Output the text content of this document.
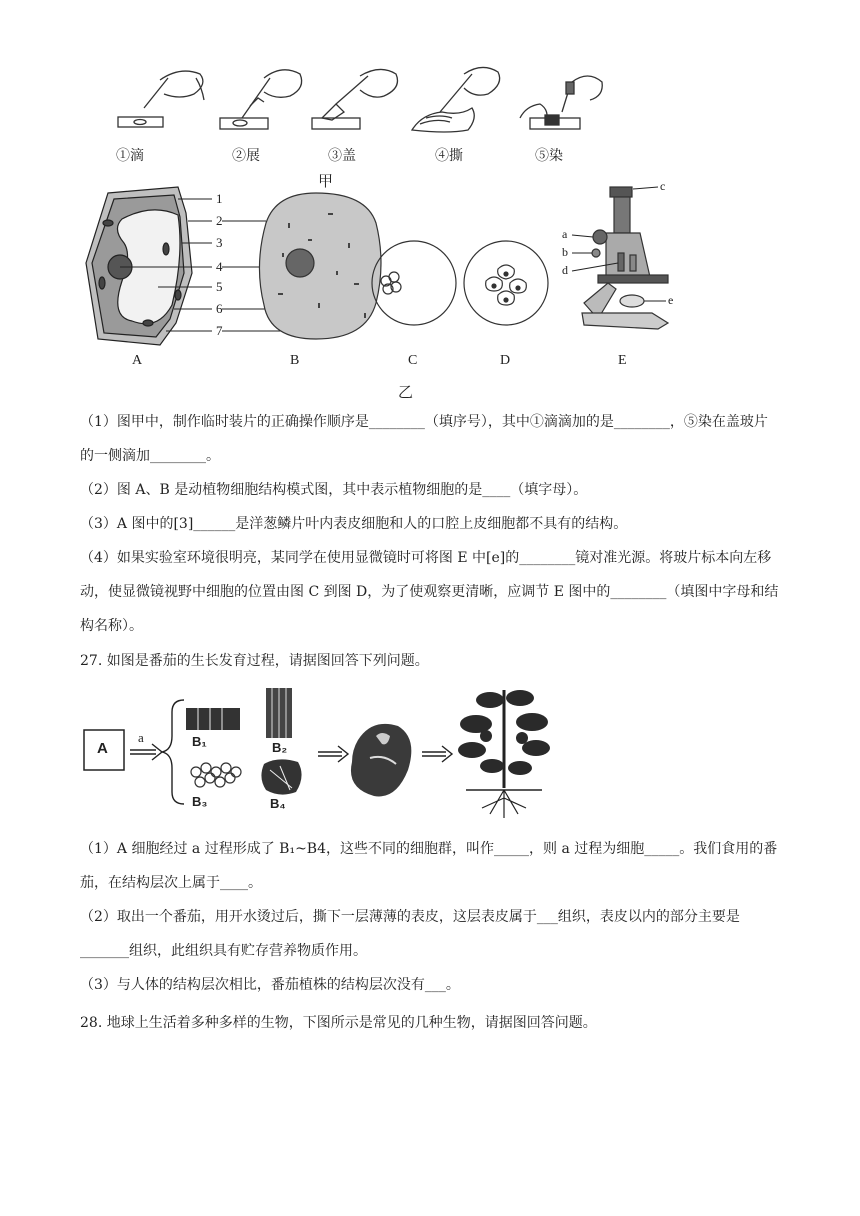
①滴	②展	③盖	④撕	⑤染
甲
1
2
3
4
5
6
7
a
b
c
d
e
A	B	C	D	E
乙
（1）图甲中，制作临时装片的正确操作顺序是________（填序号），其中①滴滴加的是________，⑤染在盖玻片的一侧滴加________。
（2）图 A、B 是动植物细胞结构模式图，其中表示植物细胞的是____（填字母）。
（3）A 图中的[3]______是洋葱鳞片叶内表皮细胞和人的口腔上皮细胞都不具有的结构。
（4）如果实验室环境很明亮，某同学在使用显微镜时可将图 E 中[e]的________镜对准光源。将玻片标本向左移动，使显微镜视野中细胞的位置由图 C 到图 D，为了使观察更清晰，应调节 E 图中的________（填图中字母和结构名称）。
27. 如图是番茄的生长发育过程，请据图回答下列问题。
A
a	B₁	B₂
B₃	B₄
（1）A 细胞经过 a 过程形成了 B₁~B4，这些不同的细胞群，叫作_____，则 a 过程为细胞_____。我们食用的番茄，在结构层次上属于____。
（2）取出一个番茄，用开水烫过后，撕下一层薄薄的表皮，这层表皮属于___组织，表皮以内的部分主要是_______组织，此组织具有贮存营养物质作用。
（3）与人体的结构层次相比，番茄植株的结构层次没有___。
28. 地球上生活着多种多样的生物，下图所示是常见的几种生物，请据图回答问题。
